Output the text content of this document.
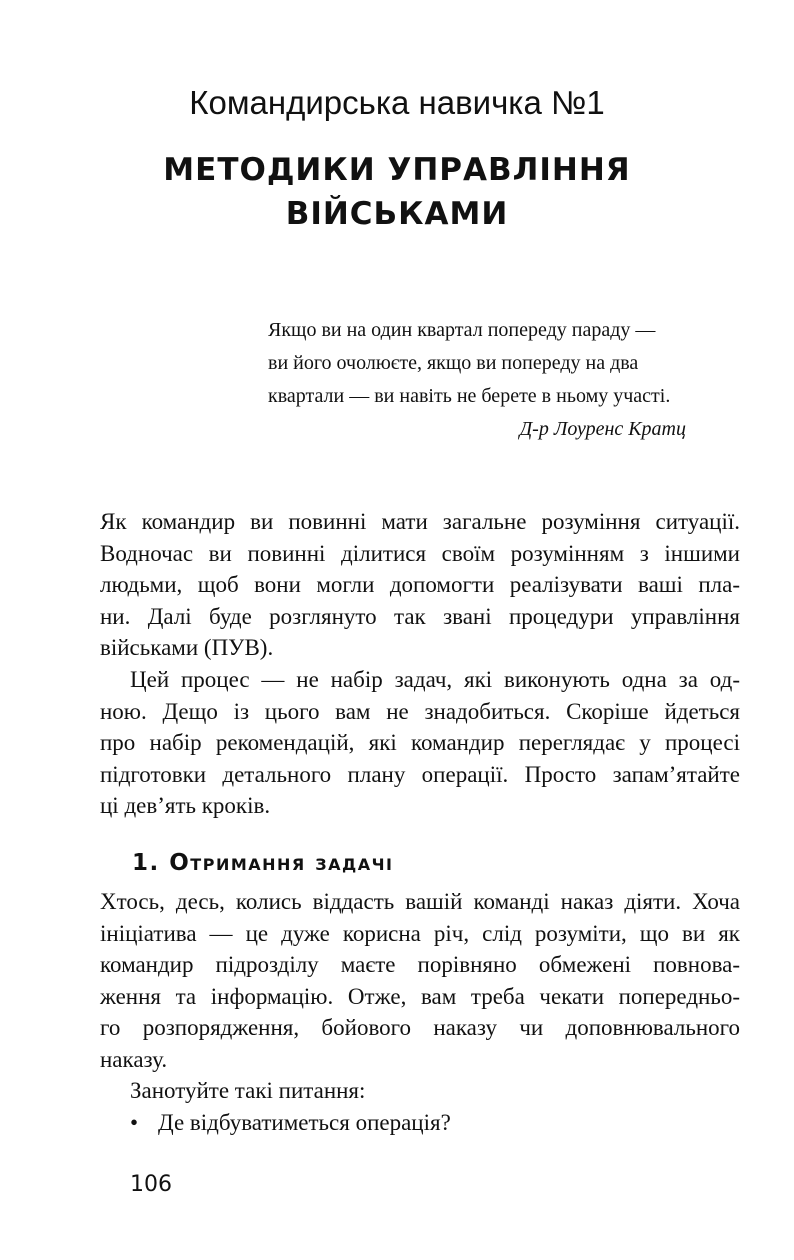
Командирська навичка №1
МЕТОДИКИ УПРАВЛІННЯ
ВІЙСЬКАМИ
Якщо ви на один квартал попереду параду —
ви його очолюєте, якщо ви попереду на два
квартали — ви навіть не берете в ньому участі.
Д-р Лоуренс Кратц
Як командир ви повинні мати загальне розуміння ситуації.
Водночас ви повинні ділитися своїм розумінням з іншими
людьми, щоб вони могли допомогти реалізувати ваші пла-
ни. Далі буде розглянуто так звані процедури управління
військами (ПУВ).
Цей процес — не набір задач, які виконують одна за од-
ною. Дещо із цього вам не знадобиться. Скоріше йдеться
про набір рекомендацій, які командир переглядає у процесі
підготовки детального плану операції. Просто запам’ятайте
ці дев’ять кроків.
1. Отримання задачі
Хтось, десь, колись віддасть вашій команді наказ діяти. Хоча
ініціатива — це дуже корисна річ, слід розуміти, що ви як
командир підрозділу маєте порівняно обмежені повнова-
ження та інформацію. Отже, вам треба чекати попередньо-
го розпорядження, бойового наказу чи доповнювального
наказу.
Занотуйте такі питання:
• Де відбуватиметься операція?
106
